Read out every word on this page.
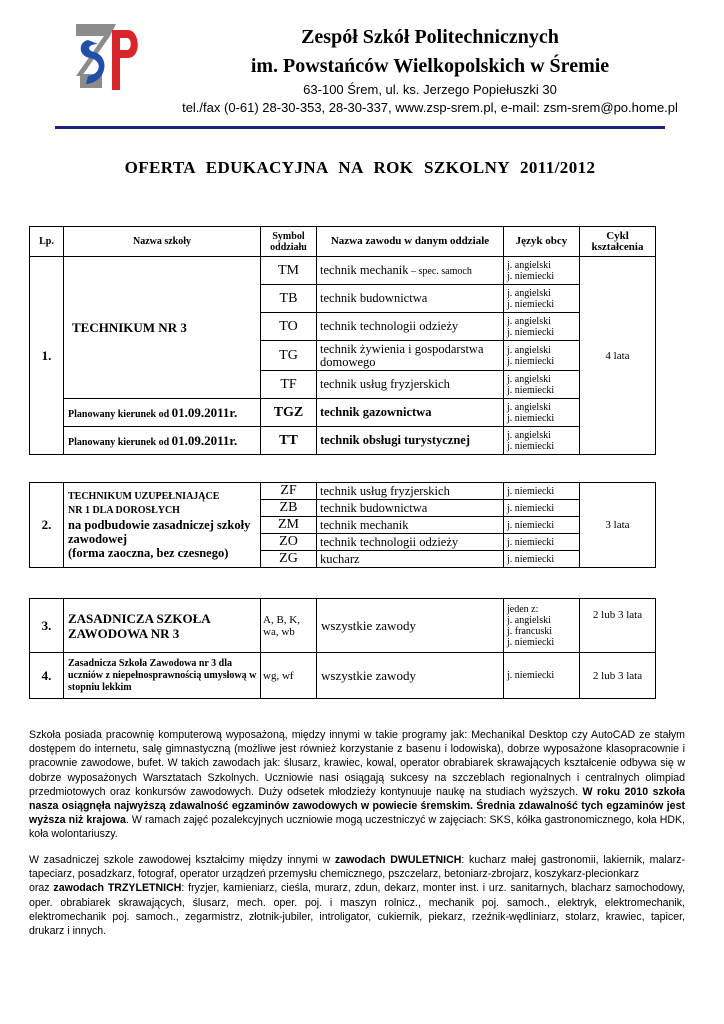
Zespół Szkół Politechnicznych
im. Powstańców Wielkopolskich w Śremie
63-100 Śrem, ul. ks. Jerzego Popiełuszki 30
tel./fax (0-61) 28-30-353, 28-30-337, www.zsp-srem.pl, e-mail: zsm-srem@po.home.pl
OFERTA EDUKACYJNA NA ROK SZKOLNY 2011/2012
Lp.	Nazwa szkoły	Symbol
oddziału	Nazwa zawodu w danym oddziale	Język obcy	Cykl
kształcenia
1.	TECHNIKUM NR 3	TM	technik mechanik – spec. samoch	j. angielski
j. niemiecki	4 lata
		TB	technik budownictwa	j. angielski
j. niemiecki	

		TO	technik technologii odzieży	j. angielski
j. niemiecki	

		TG	technik żywienia i gospodarstwa domowego	j. angielski
j. niemiecki	

		TF	technik usług fryzjerskich	j. angielski
j. niemiecki	

	Planowany kierunek od 01.09.2011r.	TGZ	technik gazownictwa	j. angielski
j. niemiecki	

	Planowany kierunek od 01.09.2011r.	TT	technik obsługi turystycznej	j. angielski
j. niemiecki	
2.	TECHNIKUM UZUPEŁNIAJĄCE
NR 1 DLA DOROSŁYCH
na podbudowie zasadniczej szkoły zawodowej
(forma zaoczna, bez czesnego)	ZF	technik usług fryzjerskich	j. niemiecki	3 lata
		ZB	technik budownictwa	j. niemiecki	
		ZM	technik mechanik	j. niemiecki	
		ZO	technik technologii odzieży	j. niemiecki	
		ZG	kucharz	j. niemiecki	
3.	ZASADNICZA SZKOŁA ZAWODOWA NR 3	A, B, K, wa, wb	wszystkie zawody	jeden z:
j. angielski
j. francuski
j. niemiecki	2 lub 3 lata
4.	Zasadnicza Szkoła Zawodowa nr 3 dla uczniów z niepełnosprawnością umysłową w stopniu lekkim	wg, wf	wszystkie zawody	j. niemiecki	2 lub 3 lata
Szkoła posiada pracownię komputerową wyposażoną, między innymi w takie programy jak: Mechanikal Desktop czy AutoCAD ze stałym dostępem do internetu, salę gimnastyczną (możliwe jest również korzystanie z basenu i lodowiska), dobrze wyposażone klasopracownie i pracownie zawodowe, bufet. W takich zawodach jak: ślusarz, krawiec, kowal, operator obrabiarek skrawających kształcenie odbywa się w dobrze wyposażonych Warsztatach Szkolnych. Uczniowie nasi osiągają sukcesy na szczeblach regionalnych i centralnych olimpiad przedmiotowych oraz konkursów zawodowych. Duży odsetek młodzieży kontynuuje naukę na studiach wyższych. W roku 2010 szkoła nasza osiągnęła najwyższą zdawalność egzaminów zawodowych w powiecie śremskim. Średnia zdawalność tych egzaminów jest wyższa niż krajowa. W ramach zajęć pozalekcyjnych uczniowie mogą uczestniczyć w zajęciach: SKS, kółka gastronomicznego, koła HDK, koła wolontariuszy.
W zasadniczej szkole zawodowej kształcimy między innymi w zawodach DWULETNICH: kucharz małej gastronomii, lakiernik, malarz-tapeciarz, posadzkarz, fotograf, operator urządzeń przemysłu chemicznego, pszczelarz, betoniarz-zbrojarz, koszykarz-plecionkarz
oraz zawodach TRZYLETNICH: fryzjer, kamieniarz, cieśla, murarz, zdun, dekarz, monter inst. i urz. sanitarnych, blacharz samochodowy, oper. obrabiarek skrawających, ślusarz, mech. oper. poj. i maszyn rolnicz., mechanik poj. samoch., elektryk, elektromechanik, elektromechanik poj. samoch., zegarmistrz, złotnik-jubiler, introligator, cukiernik, piekarz, rzeźnik-wędliniarz, stolarz, krawiec, tapicer, drukarz i innych.
